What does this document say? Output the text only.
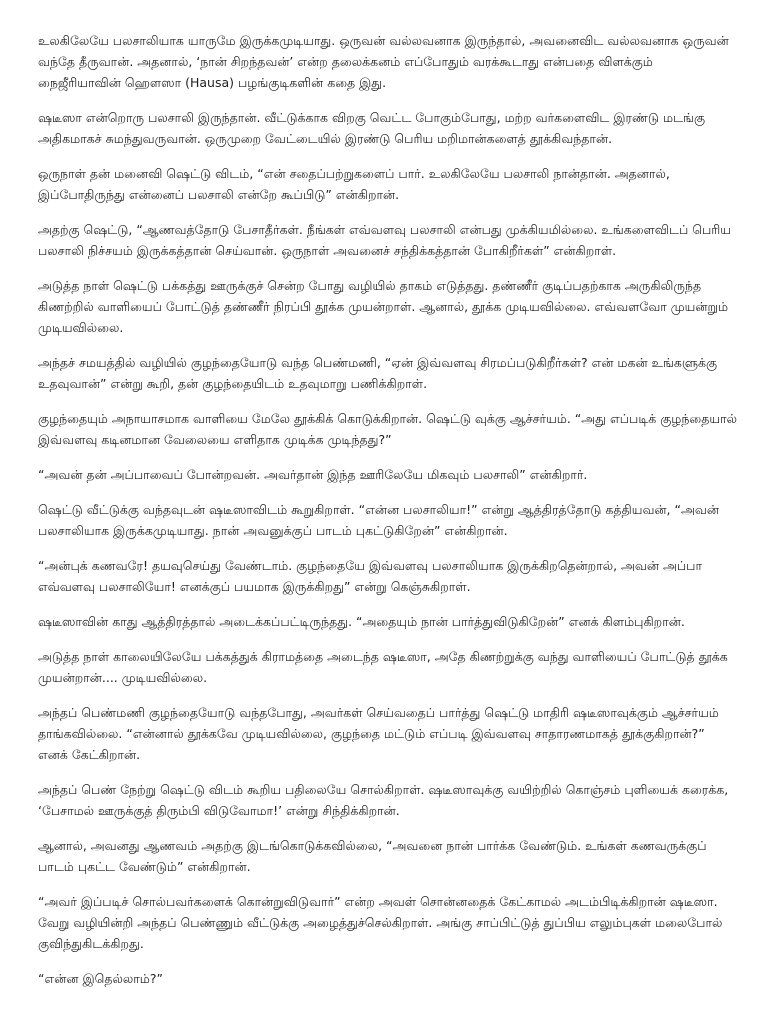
உலகிலேயே பலசாலியாக யாருமே இருக்கமுடியாது. ஒருவன் வல்லவனாக இருந்தால், அவனைவிட வல்லவனாக ஒருவன் வந்தே தீருவான். அதனால், ‘நான் சிறந்தவன்’ என்ற தலைக்கனம் எப்போதும் வரக்கூடாது என்பதை விளக்கும் நைஜீரியாவின் ஹௌஸா (Hausa) பழங்குடிகளின் கதை இது.

ஷடீஸா என்றொரு பலசாலி இருந்தான். வீட்டுக்காக விறகு வெட்ட போகும்போது, மற்ற வர்களைவிட இரண்டு மடங்கு அதிகமாகச் சுமந்துவருவான். ஒருமுறை வேட்டையில் இரண்டு பெரிய மறிமான்களைத் தூக்கிவந்தான்.

ஒருநாள் தன் மனைவி ஷெட்டு விடம், “என் சதைப்பற்றுகளைப் பார். உலகிலேயே பலசாலி நான்தான். அதனால், இப்போதிருந்து என்னைப் பலசாலி என்றே கூப்பிடு” என்கிறான்.

அதற்கு ஷெட்டு, “ஆணவத்தோடு பேசாதீர்கள். நீங்கள் எவ்வளவு பலசாலி என்பது முக்கியமில்லை. உங்களைவிடப் பெரிய பலசாலி நிச்சயம் இருக்கத்தான் செய்வான். ஒருநாள் அவனைச் சந்திக்கத்தான் போகிறீர்கள்” என்கிறாள்.

அடுத்த நாள் ஷெட்டு பக்கத்து ஊருக்குச் சென்ற போது வழியில் தாகம் எடுத்தது. தண்ணீர் குடிப்பதற்காக அருகிலிருந்த கிணற்றில் வாளியைப் போட்டுத் தண்ணீர் நிரப்பி தூக்க முயன்றாள். ஆனால், தூக்க முடியவில்லை. எவ்வளவோ முயன்றும் முடியவில்லை.

அந்தச் சமயத்தில் வழியில் குழந்தையோடு வந்த பெண்மணி, “ஏன் இவ்வளவு சிரமப்படுகிறீர்கள்? என் மகன் உங்களுக்கு உதவுவான்” என்று கூறி, தன் குழந்தையிடம் உதவுமாறு பணிக்கிறாள்.

குழந்தையும் அநாயாசமாக வாளியை மேலே தூக்கிக் கொடுக்கிறான். ஷெட்டு வுக்கு ஆச்சர்யம். “அது எப்படிக் குழந்தையால் இவ்வளவு கடினமான வேலையை எளிதாக முடிக்க முடிந்தது?”

“அவன் தன் அப்பாவைப் போன்றவன். அவர்தான் இந்த ஊரிலேயே மிகவும் பலசாலி” என்கிறார்.

ஷெட்டு வீட்டுக்கு வந்தவுடன் ஷடீஸாவிடம் கூறுகிறாள். “என்ன பலசாலியா!” என்று ஆத்திரத்தோடு கத்தியவன், “அவன் பலசாலியாக இருக்கமுடியாது. நான் அவனுக்குப் பாடம் புகட்டுகிறேன்” என்கிறான்.

“அன்புக் கணவரே! தயவுசெய்து வேண்டாம். குழந்தையே இவ்வளவு பலசாலியாக இருக்கிறதென்றால், அவன் அப்பா எவ்வளவு பலசாலியோ! எனக்குப் பயமாக இருக்கிறது” என்று கெஞ்சுகிறாள்.

ஷடீஸாவின் காது ஆத்திரத்தால் அடைக்கப்பட்டிருந்தது. “அதையும் நான் பார்த்துவிடுகிறேன்” எனக் கிளம்புகிறான்.

அடுத்த நாள் காலையிலேயே பக்கத்துக் கிராமத்தை அடைந்த ஷடீஸா, அதே கிணற்றுக்கு வந்து வாளியைப் போட்டுத் தூக்க முயன்றான்.... முடியவில்லை.

அந்தப் பெண்மணி குழந்தையோடு வந்தபோது, அவர்கள் செய்வதைப் பார்த்து ஷெட்டு மாதிரி ஷடீஸாவுக்கும் ஆச்சர்யம் தாங்கவில்லை. “என்னால் தூக்கவே முடியவில்லை, குழந்தை மட்டும் எப்படி இவ்வளவு சாதாரணமாகத் தூக்குகிறான்?” எனக் கேட்கிறான்.

அந்தப் பெண் நேற்று ஷெட்டு விடம் கூறிய பதிலையே சொல்கிறாள். ஷடீஸாவுக்கு வயிற்றில் கொஞ்சம் புளியைக் கரைக்க, ‘பேசாமல் ஊருக்குத் திரும்பி விடுவோமா!’ என்று சிந்திக்கிறான்.

ஆனால், அவனது ஆணவம் அதற்கு இடங்கொடுக்கவில்லை, “அவனை நான் பார்க்க வேண்டும். உங்கள் கணவருக்குப் பாடம் புகட்ட வேண்டும்” என்கிறான்.

“அவர் இப்படிச் சொல்பவர்களைக் கொன்றுவிடுவார்” என்ற அவள் சொன்னதைக் கேட்காமல் அடம்பிடிக்கிறான் ஷடீஸா. வேறு வழியின்றி அந்தப் பெண்ணும் வீட்டுக்கு அழைத்துச்செல்கிறாள். அங்கு சாப்பிட்டுத் துப்பிய எலும்புகள் மலைபோல் குவிந்துகிடக்கிறது.

“என்ன இதெல்லாம்?”
